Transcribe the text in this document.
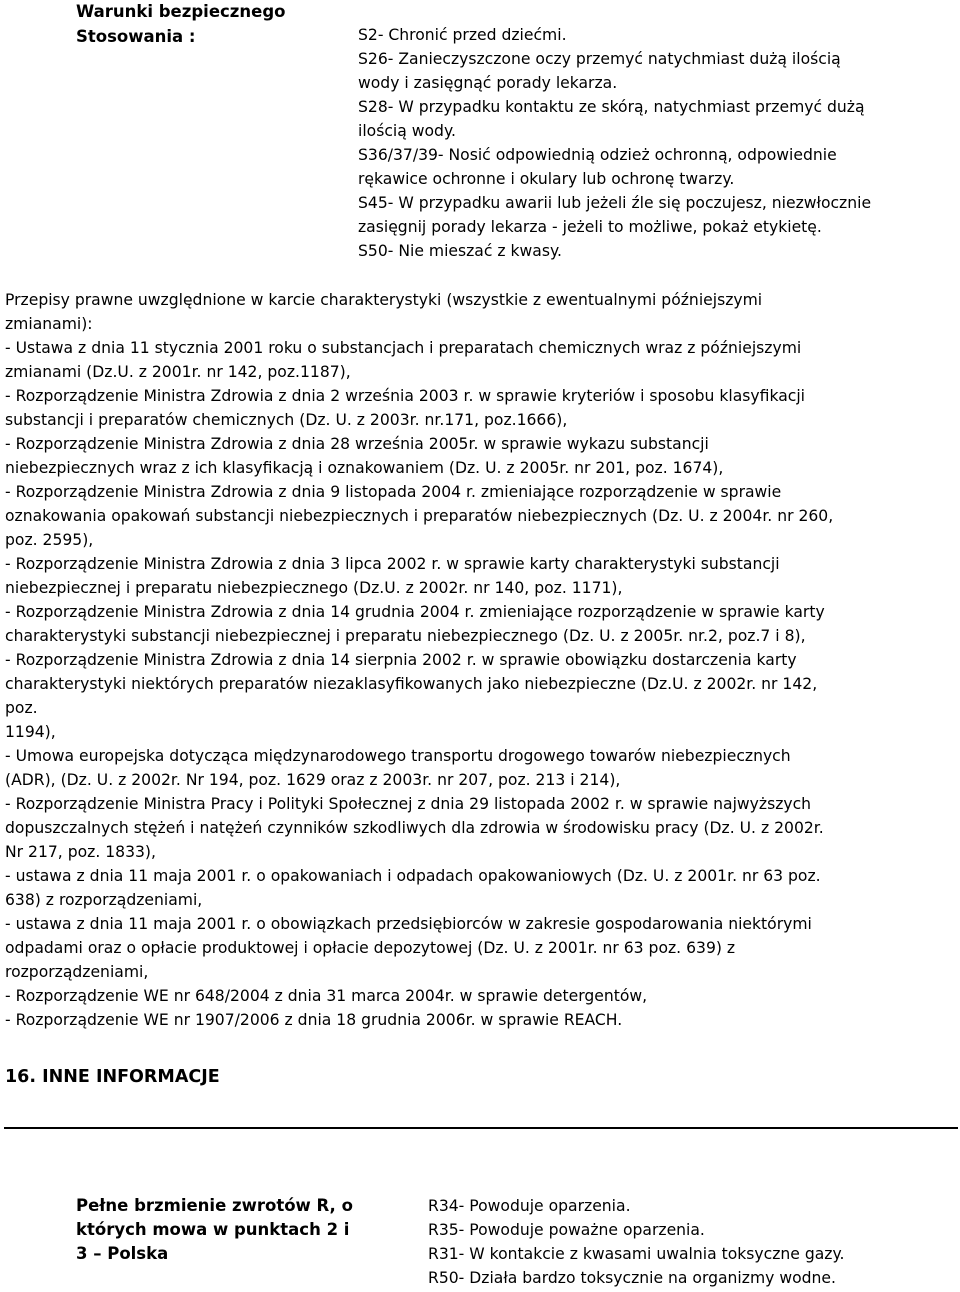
Warunki bezpiecznego
Stosowania :	S2- Chronić przed dziećmi.
S26- Zanieczyszczone oczy przemyć natychmiast dużą ilością
wody i zasięgnąć porady lekarza.
S28- W przypadku kontaktu ze skórą, natychmiast przemyć dużą
ilością wody.
S36/37/39- Nosić odpowiednią odzież ochronną, odpowiednie
rękawice ochronne i okulary lub ochronę twarzy.
S45- W przypadku awarii lub jeżeli źle się poczujesz, niezwłocznie
zasięgnij porady lekarza - jeżeli to możliwe, pokaż etykietę.
S50- Nie mieszać z kwasy.
Przepisy prawne uwzględnione w karcie charakterystyki (wszystkie z ewentualnymi późniejszymi
zmianami):
- Ustawa z dnia 11 stycznia 2001 roku o substancjach i preparatach chemicznych wraz z późniejszymi
zmianami (Dz.U. z 2001r. nr 142, poz.1187),
- Rozporządzenie Ministra Zdrowia z dnia 2 września 2003 r. w sprawie kryteriów i sposobu klasyfikacji
substancji i preparatów chemicznych (Dz. U. z 2003r. nr.171, poz.1666),
- Rozporządzenie Ministra Zdrowia z dnia 28 września 2005r. w sprawie wykazu substancji
niebezpiecznych wraz z ich klasyfikacją i oznakowaniem (Dz. U. z 2005r. nr 201, poz. 1674),
- Rozporządzenie Ministra Zdrowia z dnia 9 listopada 2004 r. zmieniające rozporządzenie w sprawie
oznakowania opakowań substancji niebezpiecznych i preparatów niebezpiecznych (Dz. U. z 2004r. nr 260,
poz. 2595),
- Rozporządzenie Ministra Zdrowia z dnia 3 lipca 2002 r. w sprawie karty charakterystyki substancji
niebezpiecznej i preparatu niebezpiecznego (Dz.U. z 2002r. nr 140, poz. 1171),
- Rozporządzenie Ministra Zdrowia z dnia 14 grudnia 2004 r. zmieniające rozporządzenie w sprawie karty
charakterystyki substancji niebezpiecznej i preparatu niebezpiecznego (Dz. U. z 2005r. nr.2, poz.7 i 8),
- Rozporządzenie Ministra Zdrowia z dnia 14 sierpnia 2002 r. w sprawie obowiązku dostarczenia karty
charakterystyki niektórych preparatów niezaklasyfikowanych jako niebezpieczne (Dz.U. z 2002r. nr 142,
poz.
1194),
- Umowa europejska dotycząca międzynarodowego transportu drogowego towarów niebezpiecznych
(ADR), (Dz. U. z 2002r. Nr 194, poz. 1629 oraz z 2003r. nr 207, poz. 213 i 214),
- Rozporządzenie Ministra Pracy i Polityki Społecznej z dnia 29 listopada 2002 r. w sprawie najwyższych
dopuszczalnych stężeń i natężeń czynników szkodliwych dla zdrowia w środowisku pracy (Dz. U. z 2002r.
Nr 217, poz. 1833),
- ustawa z dnia 11 maja 2001 r. o opakowaniach i odpadach opakowaniowych (Dz. U. z 2001r. nr 63 poz.
638) z rozporządzeniami,
- ustawa z dnia 11 maja 2001 r. o obowiązkach przedsiębiorców w zakresie gospodarowania niektórymi
odpadami oraz o opłacie produktowej i opłacie depozytowej (Dz. U. z 2001r. nr 63 poz. 639) z
rozporządzeniami,
- Rozporządzenie WE nr 648/2004 z dnia 31 marca 2004r. w sprawie detergentów,
- Rozporządzenie WE nr 1907/2006 z dnia 18 grudnia 2006r. w sprawie REACH.
16. INNE INFORMACJE
Pełne brzmienie zwrotów R, o
których mowa w punktach 2 i
3 – Polska
R34- Powoduje oparzenia.
R35- Powoduje poważne oparzenia.
R31- W kontakcie z kwasami uwalnia toksyczne gazy.
R50- Działa bardzo toksycznie na organizmy wodne.
